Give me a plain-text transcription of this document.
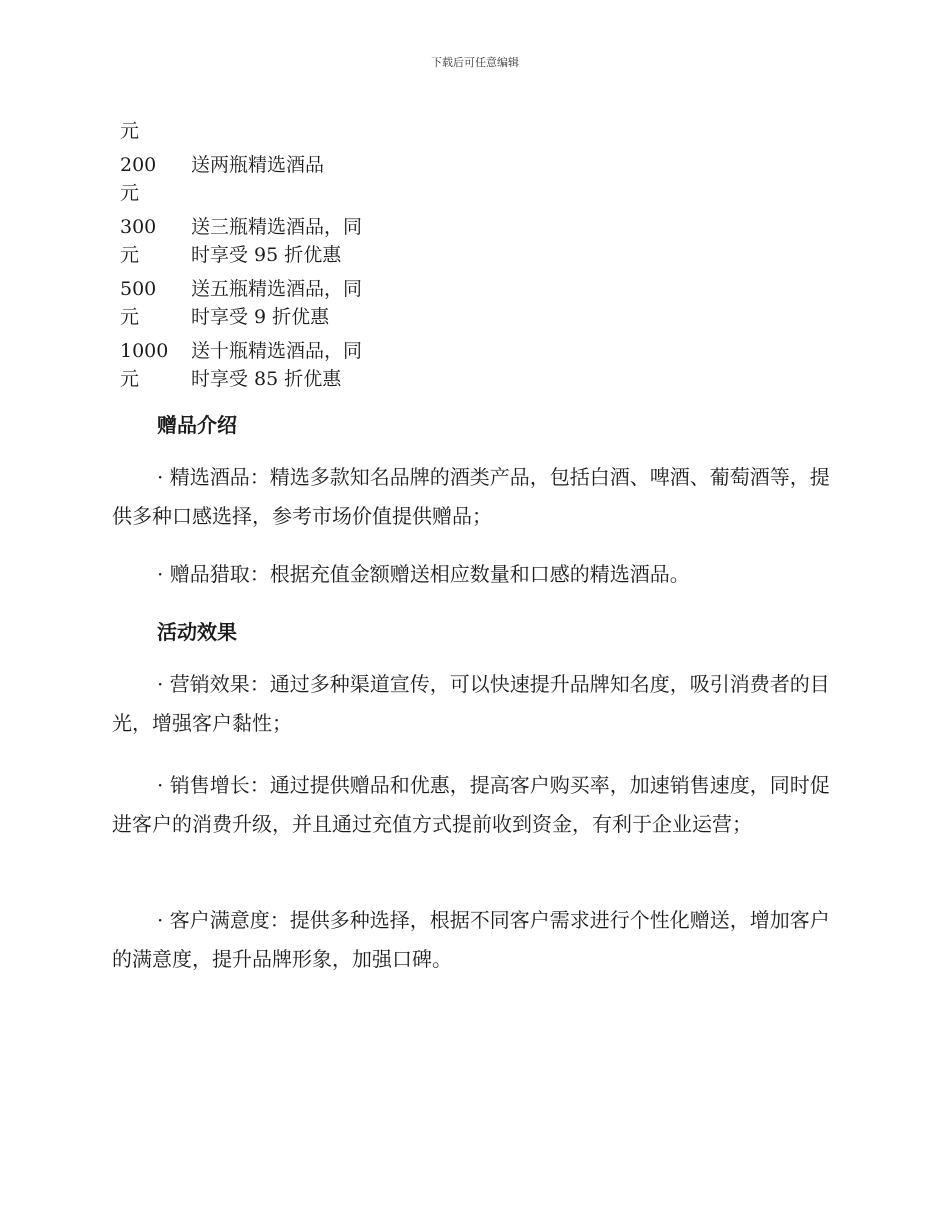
下载后可任意编辑
元
200
元
送两瓶精选酒品
300
元
送三瓶精选酒品，同
时享受 95 折优惠
500
元
送五瓶精选酒品，同
时享受 9 折优惠
1000
元
送十瓶精选酒品，同
时享受 85 折优惠
赠品介绍
· 精选酒品：精选多款知名品牌的酒类产品，包括白酒、啤酒、葡萄酒等，提供多种口感选择，参考市场价值提供赠品；
· 赠品猎取：根据充值金额赠送相应数量和口感的精选酒品。
活动效果
· 营销效果：通过多种渠道宣传，可以快速提升品牌知名度，吸引消费者的目光，增强客户黏性；
· 销售增长：通过提供赠品和优惠，提高客户购买率，加速销售速度，同时促进客户的消费升级，并且通过充值方式提前收到资金，有利于企业运营；
· 客户满意度：提供多种选择，根据不同客户需求进行个性化赠送，增加客户的满意度，提升品牌形象，加强口碑。
